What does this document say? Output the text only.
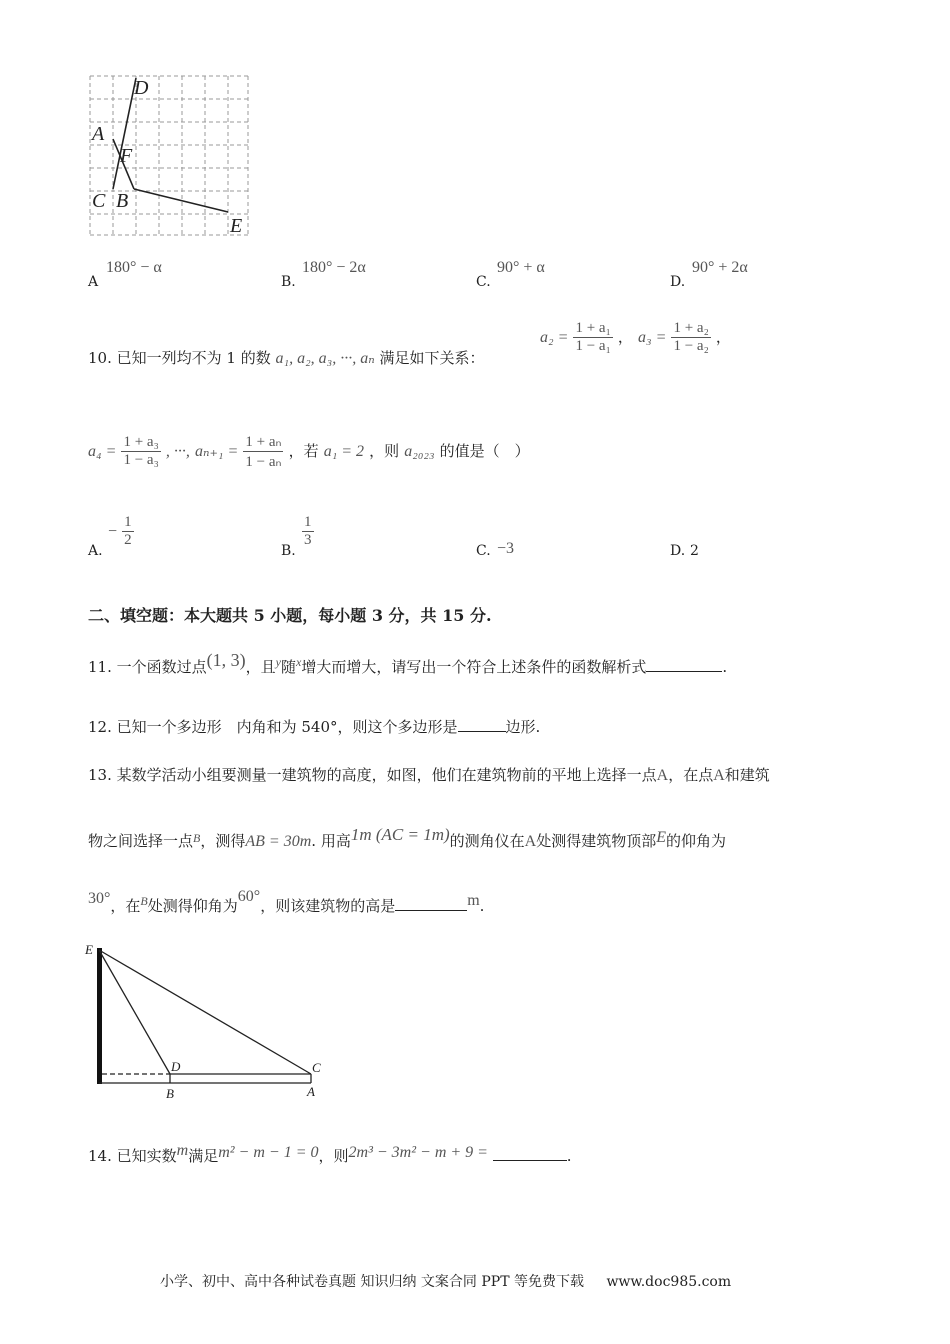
D
A
F
C B
E
A
180° − α
B.
180° − 2α
C.
90° + α
D.
90° + 2α
10. 已知一列均不为 1 的数 a₁, a₂, a₃, ···, aₙ 满足如下关系：
$a_2 = \frac{\text{1 + a₁}}{\text{1 − a₁}}$ ， $a_3 = \frac{\text{1 + a₂}}{\text{1 − a₂}}$ ，
$a_4 = \frac{\text{1 + a₃}}{\text{1 − a₃}}$ , ···, $a_{n+1} = \frac{\text{1 + aₙ}}{\text{1 − aₙ}}$ ，若 a₁ = 2 ，则 a₂₀₂₃ 的值是（　）
A.
− $\frac{1}{2}$
B.
$\frac{1}{3}$
C. −3	D. 2
二、填空题：本大题共 5 小题，每小题 3 分，共 15 分.
11. 一个函数过点(1, 3)，且$^y$随$^x$增大而增大，请写出一个符合上述条件的函数解析式	.
12. 已知一个多边形　内角和为 540°，则这个多边形是	边形.
13. 某数学活动小组要测量一建筑物的高度，如图，他们在建筑物前的平地上选择一点A，在点A和建筑
物之间选择一点$^B$，测得AB = 30m. 用高1m (AC = 1m)的测角仪在A处测得建筑物顶部E的仰角为
30°，在$^B$处测得仰角为60°，则该建筑物的高是	m.
E
D	C
B	A
14. 已知实数m满足m² − m − 1 = 0，则2m³ − 3m² − m + 9 =	.
小学、初中、高中各种试卷真题 知识归纳 文案合同 PPT 等免费下载 www.doc985.com
